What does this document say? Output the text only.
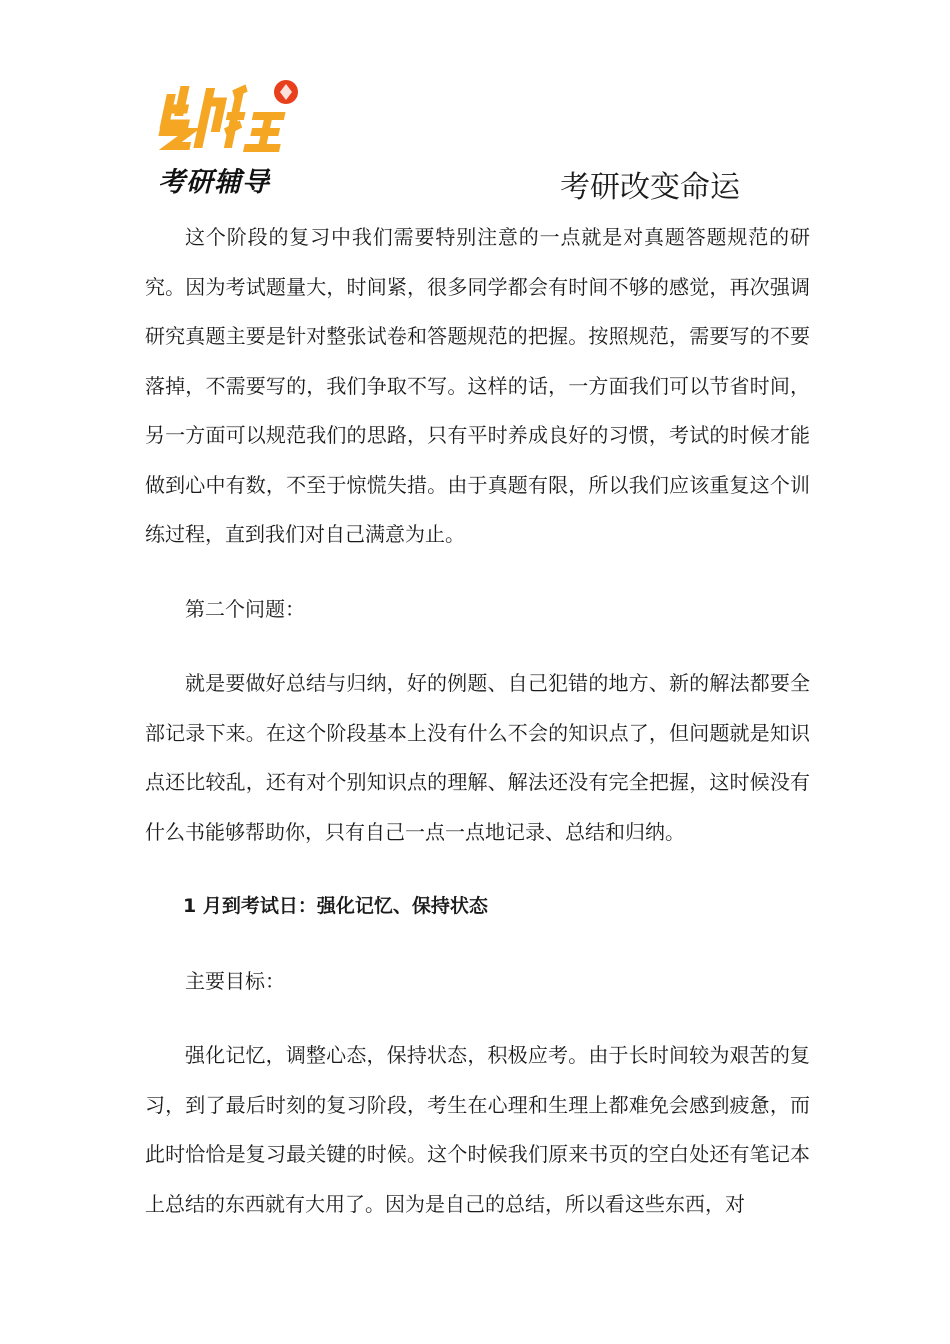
考研辅导	考研改变命运

这个阶段的复习中我们需要特别注意的一点就是对真题答题规范的研究。因为考试题量大，时间紧，很多同学都会有时间不够的感觉，再次强调研究真题主要是针对整张试卷和答题规范的把握。按照规范，需要写的不要落掉，不需要写的，我们争取不写。这样的话，一方面我们可以节省时间，另一方面可以规范我们的思路，只有平时养成良好的习惯，考试的时候才能做到心中有数，不至于惊慌失措。由于真题有限，所以我们应该重复这个训练过程，直到我们对自己满意为止。

第二个问题：

就是要做好总结与归纳，好的例题、自己犯错的地方、新的解法都要全部记录下来。在这个阶段基本上没有什么不会的知识点了，但问题就是知识点还比较乱，还有对个别知识点的理解、解法还没有完全把握，这时候没有什么书能够帮助你，只有自己一点一点地记录、总结和归纳。

1 月到考试日：强化记忆、保持状态

主要目标：

强化记忆，调整心态，保持状态，积极应考。由于长时间较为艰苦的复习，到了最后时刻的复习阶段，考生在心理和生理上都难免会感到疲惫，而此时恰恰是复习最关键的时候。这个时候我们原来书页的空白处还有笔记本上总结的东西就有大用了。因为是自己的总结，所以看这些东西，对
